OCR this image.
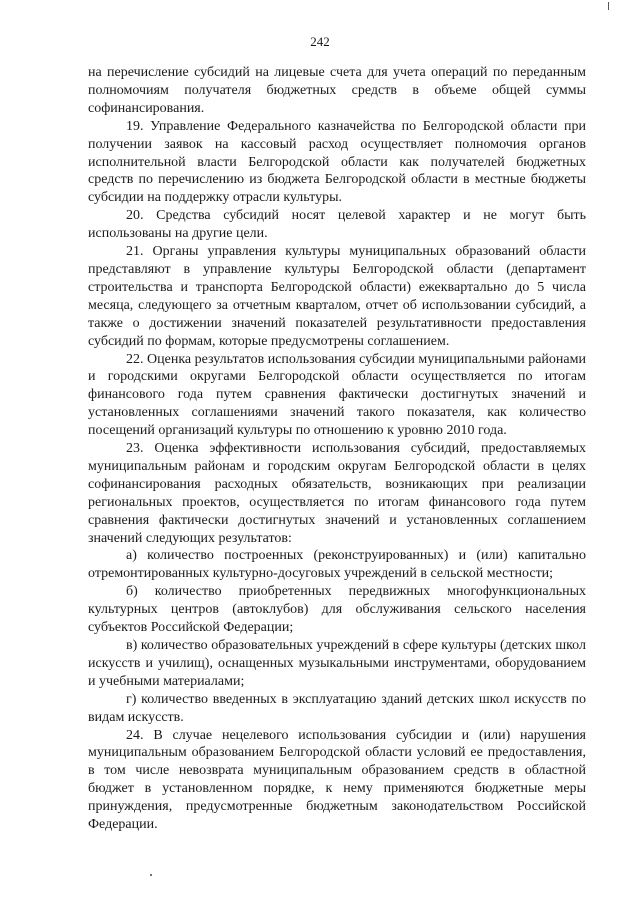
242

на перечисление субсидий на лицевые счета для учета операций по переданным полномочиям получателя бюджетных средств в объеме общей суммы софинансирования.

19. Управление Федерального казначейства по Белгородской области при получении заявок на кассовый расход осуществляет полномочия органов исполнительной власти Белгородской области как получателей бюджетных средств по перечислению из бюджета Белгородской области в местные бюджеты субсидии на поддержку отрасли культуры.

20. Средства субсидий носят целевой характер и не могут быть использованы на другие цели.

21. Органы управления культуры муниципальных образований области представляют в управление культуры Белгородской области (департамент строительства и транспорта Белгородской области) ежеквартально до 5 числа месяца, следующего за отчетным кварталом, отчет об использовании субсидий, а также о достижении значений показателей результативности предоставления субсидий по формам, которые предусмотрены соглашением.

22. Оценка результатов использования субсидии муниципальными районами и городскими округами Белгородской области осуществляется по итогам финансового года путем сравнения фактически достигнутых значений и установленных соглашениями значений такого показателя, как количество посещений организаций культуры по отношению к уровню 2010 года.

23. Оценка эффективности использования субсидий, предоставляемых муниципальным районам и городским округам Белгородской области в целях софинансирования расходных обязательств, возникающих при реализации региональных проектов, осуществляется по итогам финансового года путем сравнения фактически достигнутых значений и установленных соглашением значений следующих результатов:

а) количество построенных (реконструированных) и (или) капитально отремонтированных культурно-досуговых учреждений в сельской местности;

б) количество приобретенных передвижных многофункциональных культурных центров (автоклубов) для обслуживания сельского населения субъектов Российской Федерации;

в) количество образовательных учреждений в сфере культуры (детских школ искусств и училищ), оснащенных музыкальными инструментами, оборудованием и учебными материалами;

г) количество введенных в эксплуатацию зданий детских школ искусств по видам искусств.

24. В случае нецелевого использования субсидии и (или) нарушения муниципальным образованием Белгородской области условий ее предоставления, в том числе невозврата муниципальным образованием средств в областной бюджет в установленном порядке, к нему применяются бюджетные меры принуждения, предусмотренные бюджетным законодательством Российской Федерации.
